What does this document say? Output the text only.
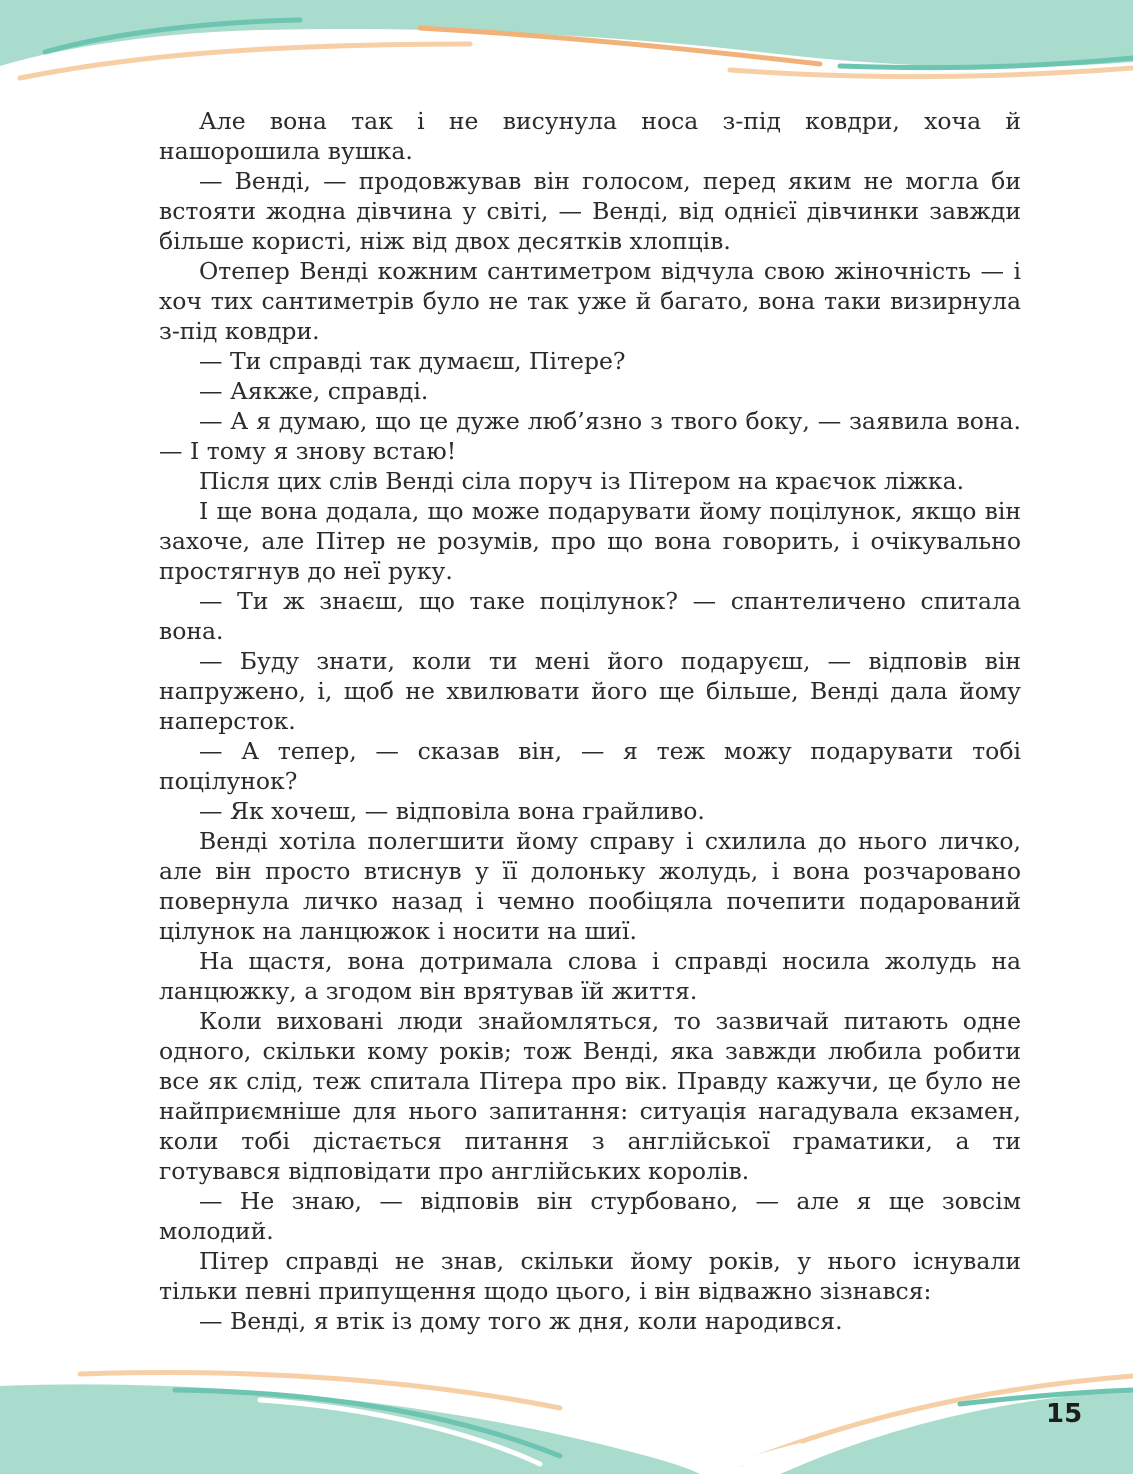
Але вона так і не висунула носа з-під ковдри, хоча й нашорошила вушка.

— Венді, — продовжував він голосом, перед яким не могла би встояти жодна дівчина у світі, — Венді, від однієї дівчинки завжди більше користі, ніж від двох десятків хлопців.

Отепер Венді кожним сантиметром відчула свою жіночність — і хоч тих сантиметрів було не так уже й багато, вона таки визирнула з-під ковдри.

— Ти справді так думаєш, Пітере?

— Аякже, справді.

— А я думаю, що це дуже люб’язно з твого боку, — заявила вона. — І тому я знову встаю!

Після цих слів Венді сіла поруч із Пітером на краєчок ліжка.

І ще вона додала, що може подарувати йому поцілунок, якщо він захоче, але Пітер не розумів, про що вона говорить, і очікувально простягнув до неї руку.

— Ти ж знаєш, що таке поцілунок? — спантеличено спитала вона.

— Буду знати, коли ти мені його подаруєш, — відповів він напружено, і, щоб не хвилювати його ще більше, Венді дала йому наперсток.

— А тепер, — сказав він, — я теж можу подарувати тобі поцілунок?

— Як хочеш, — відповіла вона грайливо.

Венді хотіла полегшити йому справу і схилила до нього личко, але він просто втиснув у її долоньку жолудь, і вона розчаровано повернула личко назад і чемно пообіцяла почепити подарований цілунок на ланцюжок і носити на шиї.

На щастя, вона дотримала слова і справді носила жолудь на ланцюжку, а згодом він врятував їй життя.

Коли виховані люди знайомляться, то зазвичай питають одне одного, скільки кому років; тож Венді, яка завжди любила робити все як слід, теж спитала Пітера про вік. Правду кажучи, це було не найприємніше для нього запитання: ситуація нагадувала екзамен, коли тобі дістається питання з англійської граматики, а ти готувався відповідати про англійських королів.

— Не знаю, — відповів він стурбовано, — але я ще зовсім молодий.

Пітер справді не знав, скільки йому років, у нього існували тільки певні припущення щодо цього, і він відважно зізнався:

— Венді, я втік із дому того ж дня, коли народився.

15
